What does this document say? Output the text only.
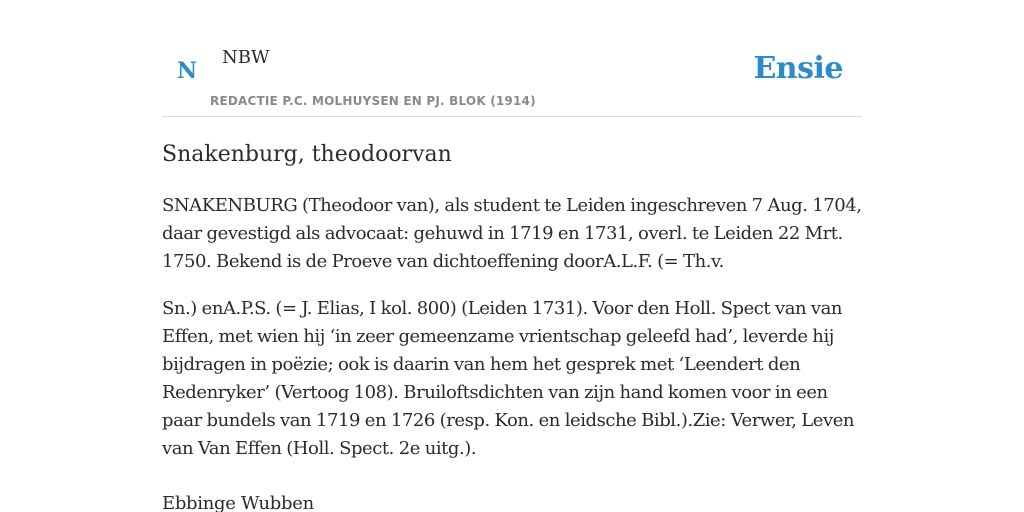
N
NBW
REDACTIE P.C. MOLHUYSEN EN PJ. BLOK (1914)
Ensie
Snakenburg, theodoorvan

SNAKENBURG (Theodoor van), als student te Leiden ingeschreven 7 Aug. 1704, daar gevestigd als advocaat: gehuwd in 1719 en 1731, overl. te Leiden 22 Mrt. 1750. Bekend is de Proeve van dichtoeffening doorA.L.F. (= Th.v.

Sn.) enA.P.S. (= J. Elias, I kol. 800) (Leiden 1731). Voor den Holl. Spect van van Effen, met wien hij ‘in zeer gemeenzame vrientschap geleefd had’, leverde hij bijdragen in poëzie; ook is daarin van hem het gesprek met ‘Leendert den Redenryker’ (Vertoog 108). Bruiloftsdichten van zijn hand komen voor in een paar bundels van 1719 en 1726 (resp. Kon. en leidsche Bibl.).Zie: Verwer, Leven van Van Effen (Holl. Spect. 2e uitg.).

Ebbinge Wubben
